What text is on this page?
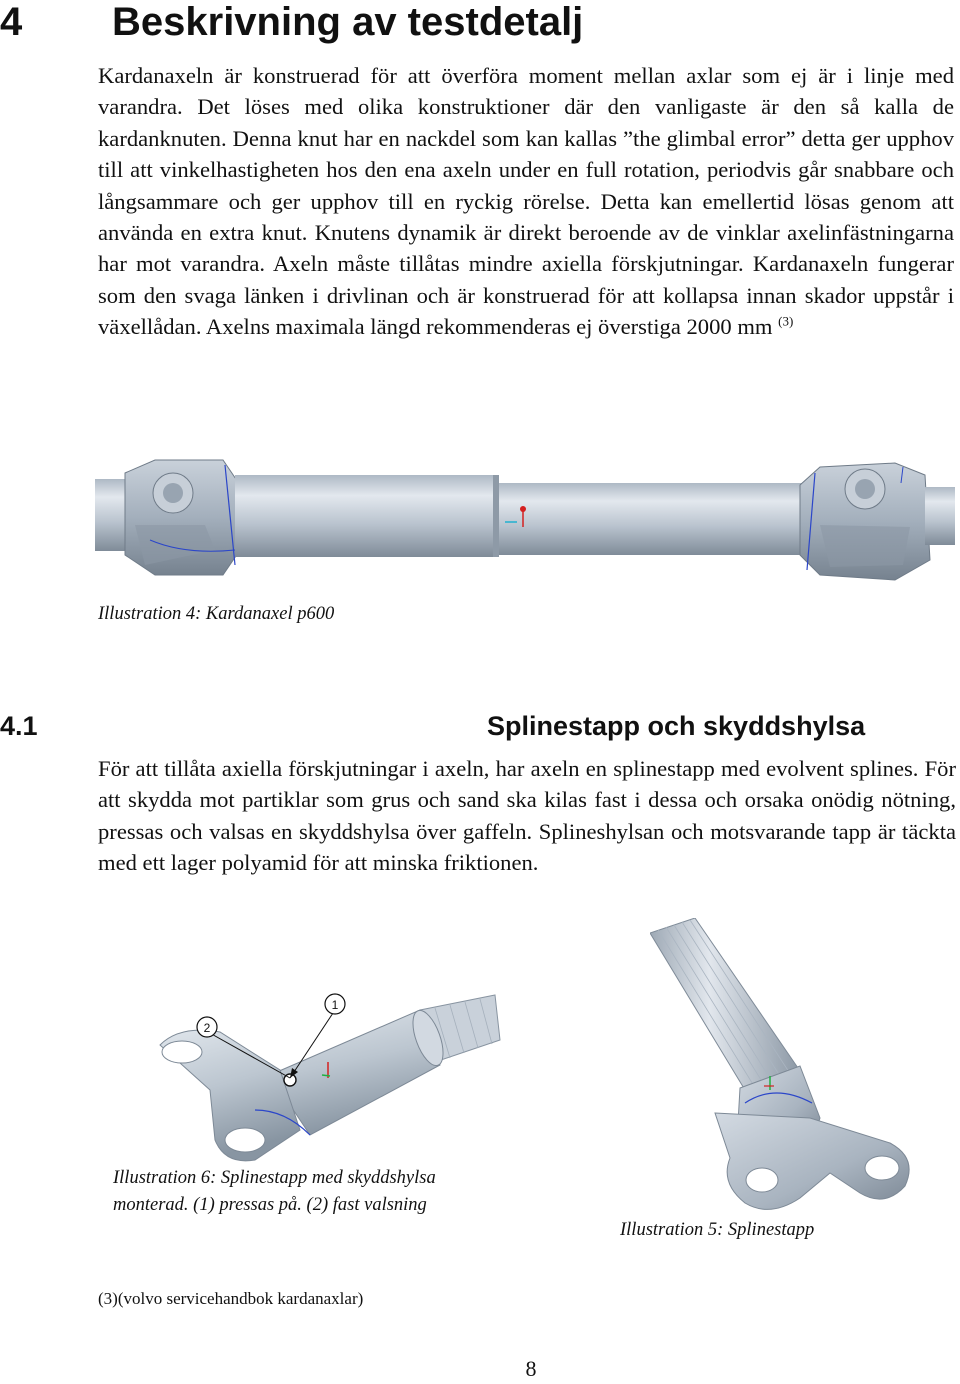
4 Beskrivning av testdetalj
Kardanaxeln är konstruerad för att överföra moment mellan axlar som ej är i linje med varandra. Det löses med olika konstruktioner där den vanligaste är den så kalla de kardanknuten. Denna knut har en nackdel som kan kallas ”the glimbal error” detta ger upphov till att vinkelhastigheten hos den ena axeln under en full rotation, periodvis går snabbare och långsammare och ger upphov till en ryckig rörelse. Detta kan emellertid lösas genom att använda en extra knut. Knutens dynamik är direkt beroende av de vinklar axelinfästningarna har mot varandra. Axeln måste tillåtas mindre axiella förskjutningar. Kardanaxeln fungerar som den svaga länken i drivlinan och är konstruerad för att kollapsa innan skador uppstår i växellådan. Axelns maximala längd rekommenderas ej överstiga 2000 mm $^{(3)}$
Illustration 4: Kardanaxel p600
4.1	Splinestapp och skyddshylsa
För att tillåta axiella förskjutningar i axeln, har axeln en splinestapp med evolvent splines. För att skydda mot partiklar som grus och sand ska kilas fast i dessa och orsaka onödig nötning, pressas och valsas en skyddshylsa över gaffeln. Splineshylsan och motsvarande tapp är täckta med ett lager polyamid för att minska friktionen.
1
2
Illustration 6: Splinestapp med skyddshylsa monterad. (1) pressas på. (2) fast valsning
Illustration 5: Splinestapp
(3)(volvo servicehandbok kardanaxlar)
8
